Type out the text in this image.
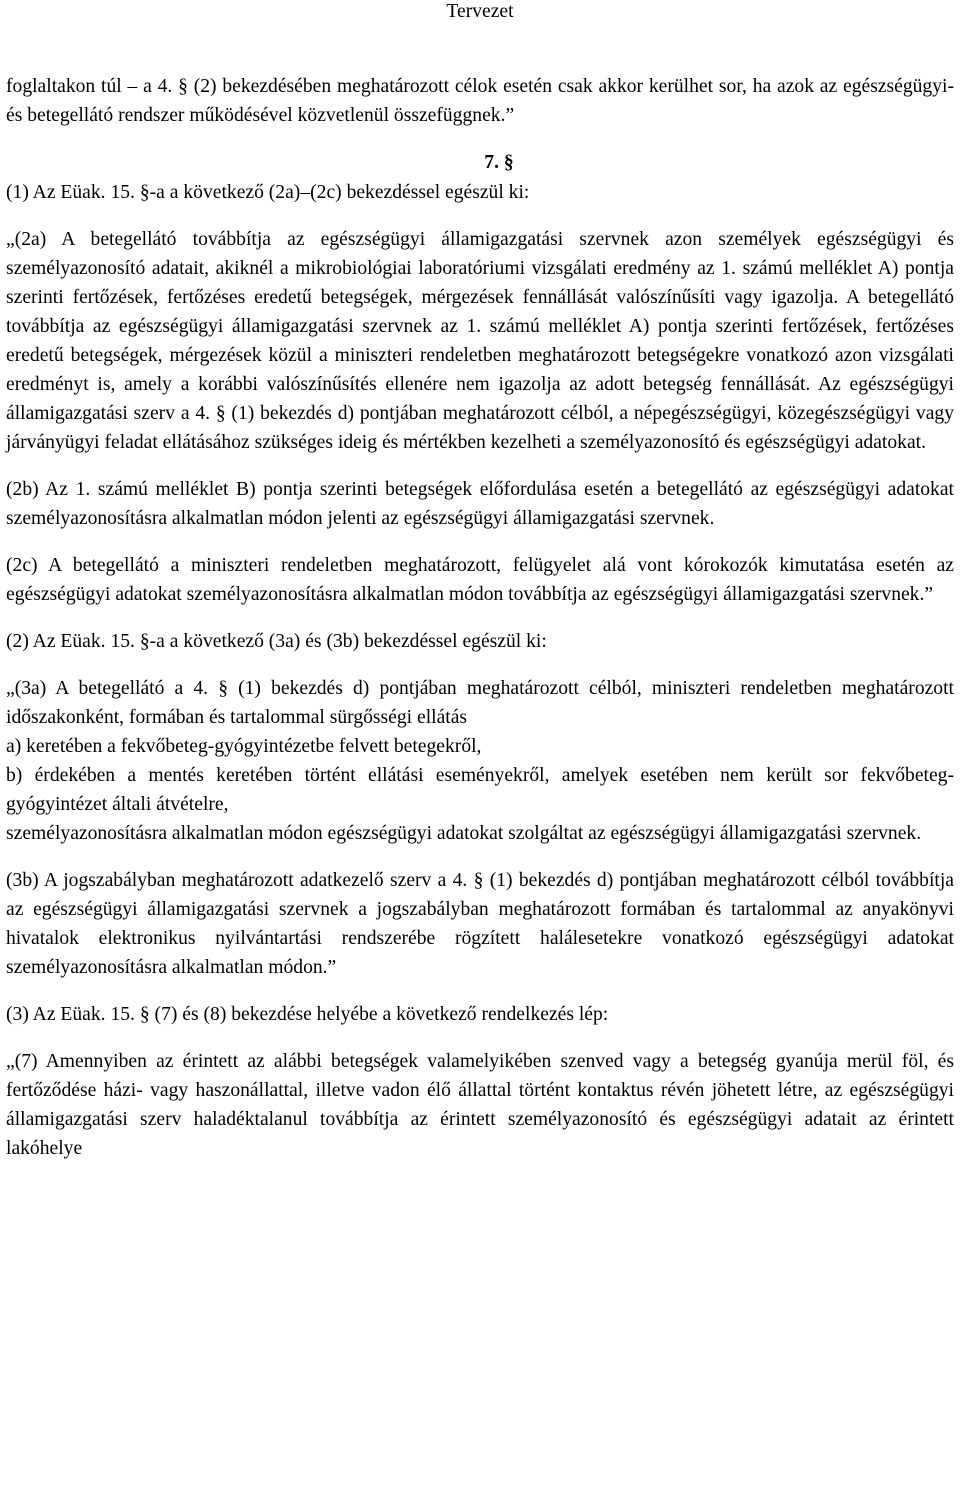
Tervezet

foglaltakon túl – a 4. § (2) bekezdésében meghatározott célok esetén csak akkor kerülhet sor, ha azok az egészségügyi- és betegellátó rendszer működésével közvetlenül összefüggnek.”

7. §

(1) Az Eüak. 15. §-a a következő (2a)–(2c) bekezdéssel egészül ki:

„(2a) A betegellátó továbbítja az egészségügyi államigazgatási szervnek azon személyek egészségügyi és személyazonosító adatait, akiknél a mikrobiológiai laboratóriumi vizsgálati eredmény az 1. számú melléklet A) pontja szerinti fertőzések, fertőzéses eredetű betegségek, mérgezések fennállását valószínűsíti vagy igazolja. A betegellátó továbbítja az egészségügyi államigazgatási szervnek az 1. számú melléklet A) pontja szerinti fertőzések, fertőzéses eredetű betegségek, mérgezések közül a miniszteri rendeletben meghatározott betegségekre vonatkozó azon vizsgálati eredményt is, amely a korábbi valószínűsítés ellenére nem igazolja az adott betegség fennállását. Az egészségügyi államigazgatási szerv a 4. § (1) bekezdés d) pontjában meghatározott célból, a népegészségügyi, közegészségügyi vagy járványügyi feladat ellátásához szükséges ideig és mértékben kezelheti a személyazonosító és egészségügyi adatokat.

(2b) Az 1. számú melléklet B) pontja szerinti betegségek előfordulása esetén a betegellátó az egészségügyi adatokat személyazonosításra alkalmatlan módon jelenti az egészségügyi államigazgatási szervnek.

(2c) A betegellátó a miniszteri rendeletben meghatározott, felügyelet alá vont kórokozók kimutatása esetén az egészségügyi adatokat személyazonosításra alkalmatlan módon továbbítja az egészségügyi államigazgatási szervnek.”

(2) Az Eüak. 15. §-a a következő (3a) és (3b) bekezdéssel egészül ki:

„(3a) A betegellátó a 4. § (1) bekezdés d) pontjában meghatározott célból, miniszteri rendeletben meghatározott időszakonként, formában és tartalommal sürgősségi ellátás

a) keretében a fekvőbeteg-gyógyintézetbe felvett betegekről,

b) érdekében a mentés keretében történt ellátási eseményekről, amelyek esetében nem került sor fekvőbeteg-gyógyintézet általi átvételre,

személyazonosításra alkalmatlan módon egészségügyi adatokat szolgáltat az egészségügyi államigazgatási szervnek.

(3b) A jogszabályban meghatározott adatkezelő szerv a 4. § (1) bekezdés d) pontjában meghatározott célból továbbítja az egészségügyi államigazgatási szervnek a jogszabályban meghatározott formában és tartalommal az anyakönyvi hivatalok elektronikus nyilvántartási rendszerébe rögzített halálesetekre vonatkozó egészségügyi adatokat személyazonosításra alkalmatlan módon.”

(3) Az Eüak. 15. § (7) és (8) bekezdése helyébe a következő rendelkezés lép:

„(7) Amennyiben az érintett az alábbi betegségek valamelyikében szenved vagy a betegség gyanúja merül föl, és fertőződése házi- vagy haszonállattal, illetve vadon élő állattal történt kontaktus révén jöhetett létre, az egészségügyi államigazgatási szerv haladéktalanul továbbítja az érintett személyazonosító és egészségügyi adatait az érintett lakóhelye
